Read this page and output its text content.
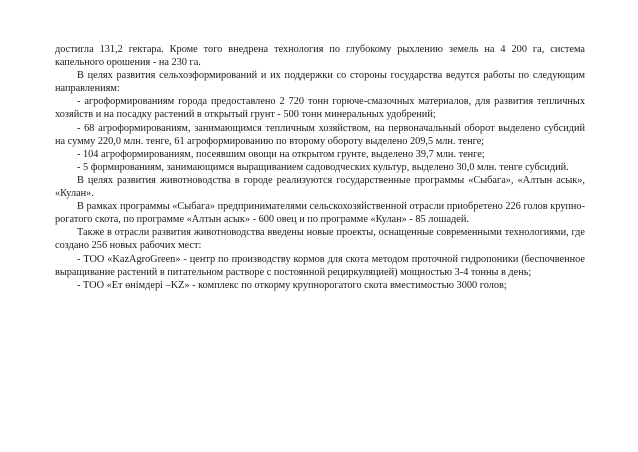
достигла 131,2 гектара. Кроме того внедрена технология по глубокому рыхлению земель на 4 200 га, система капельного орошения - на 230 га.

В целях развития сельхозформирований и их поддержки со стороны государства ведутся работы по следующим направлениям:

- агроформированиям города предоставлено 2 720 тонн горюче-смазочных материалов, для развития тепличных хозяйств и на посадку растений в открытый грунт - 500 тонн минеральных удобрений;

- 68 агроформированиям, занимающимся тепличным хозяйством, на первоначальный оборот выделено субсидий на сумму 220,0 млн. тенге, 61 агроформированию по второму обороту выделено 209,5 млн. тенге;

- 104 агроформированиям, посеявшим овощи на открытом грунте, выделено 39,7 млн. тенге;

- 5 формированиям, занимающимся выращиванием садоводческих культур, выделено 30,0 млн. тенге субсидий.

В целях развития животноводства в городе реализуются государственные программы «Сыбага», «Алтын асык», «Кулан».

В рамках программы «Сыбага» предпринимателями сельскохозяйственной отрасли приобретено 226 голов крупно-рогатого скота, по программе «Алтын асык» - 600 овец и по программе «Кулан» - 85 лошадей.

Также в отрасли развития животноводства введены новые проекты, оснащенные современными технологиями, где создано 256 новых рабочих мест:

- ТОО «KazAgroGreen» - центр по производству кормов для скота методом проточной гидропоники (беспочвенное выращивание растений в питательном растворе с постоянной рециркуляцией) мощностью 3-4 тонны в день;

- ТОО «Ет өнімдері –KZ» - комплекс по откорму крупнорогатого скота вместимостью 3000 голов;
